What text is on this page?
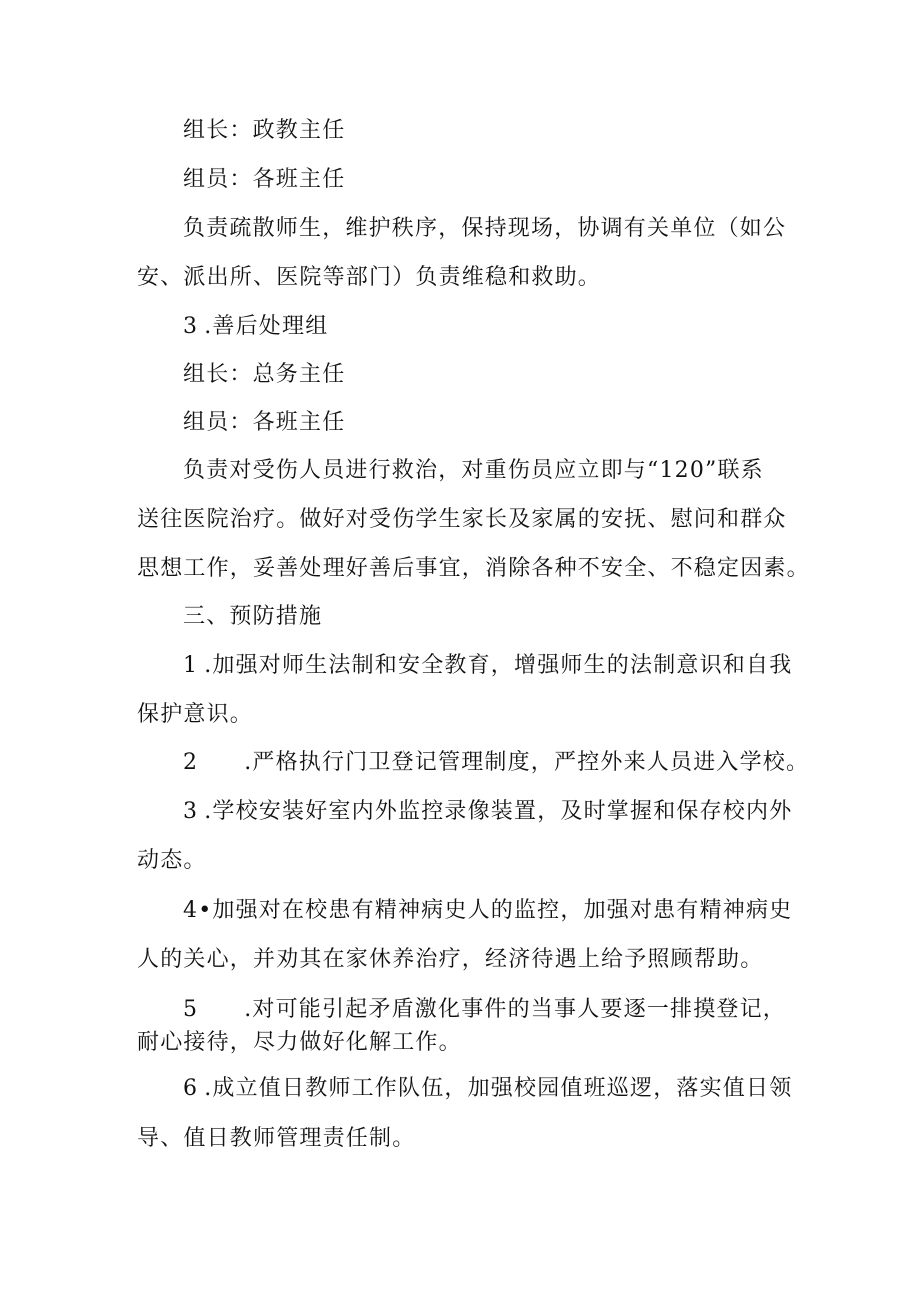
组长：政教主任
组员：各班主任
负责疏散师生，维护秩序，保持现场，协调有关单位（如公
安、派出所、医院等部门）负责维稳和救助。
3 .善后处理组
组长：总务主任
组员：各班主任
负责对受伤人员进行救治，对重伤员应立即与“120”联系
送往医院治疗。做好对受伤学生家长及家属的安抚、慰问和群众
思想工作，妥善处理好善后事宜，消除各种不安全、不稳定因素。
三、预防措施
1 .加强对师生法制和安全教育，增强师生的法制意识和自我
保护意识。
2 .严格执行门卫登记管理制度，严控外来人员进入学校。
3 .学校安装好室内外监控录像装置，及时掌握和保存校内外
动态。
4•加强对在校患有精神病史人的监控，加强对患有精神病史
人的关心，并劝其在家休养治疗，经济待遇上给予照顾帮助。
5 .对可能引起矛盾激化事件的当事人要逐一排摸登记，
耐心接待，尽力做好化解工作。
6 .成立值日教师工作队伍，加强校园值班巡逻，落实值日领
导、值日教师管理责任制。
